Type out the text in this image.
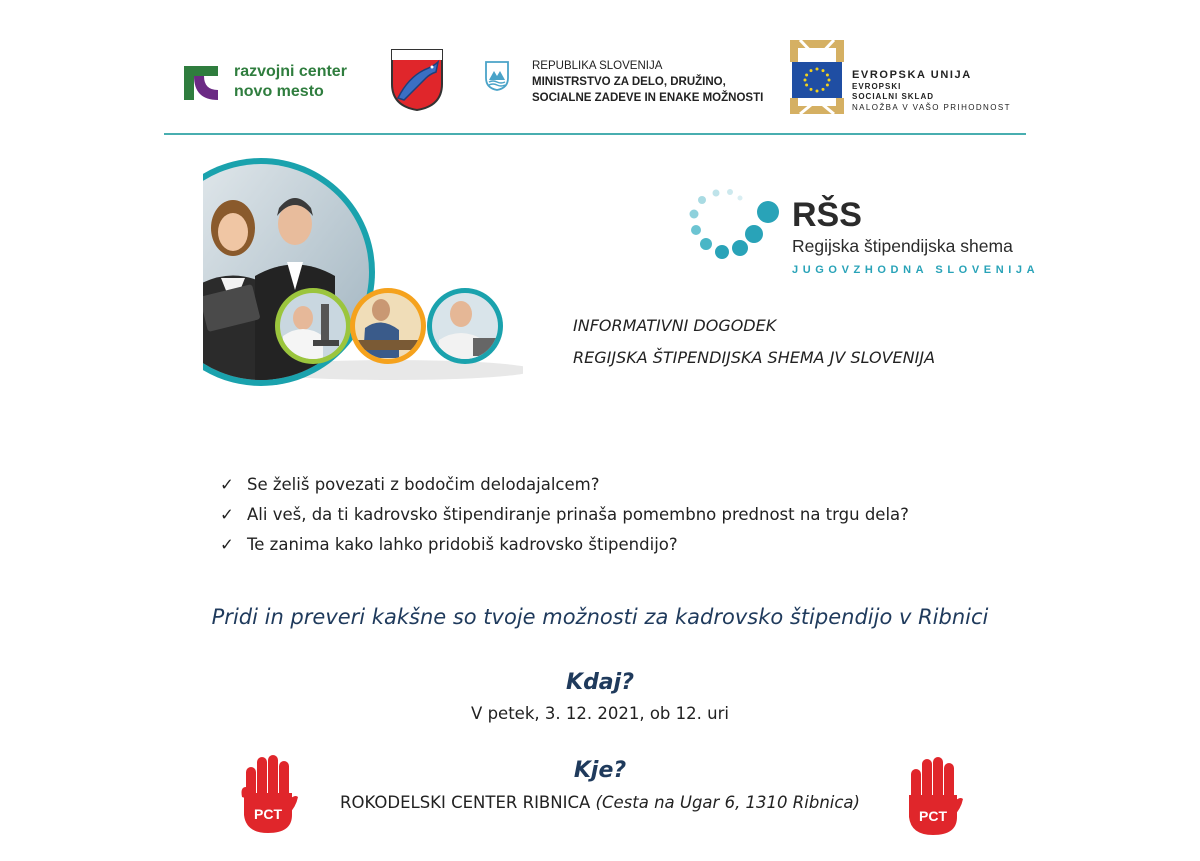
razvojni center
novo mesto
REPUBLIKA SLOVENIJA
MINISTRSTVO ZA DELO, DRUŽINO,
SOCIALNE ZADEVE IN ENAKE MOŽNOSTI
EVROPSKA UNIJA
EVROPSKI
SOCIALNI SKLAD
NALOŽBA V VAŠO PRIHODNOST
RŠS
Regijska štipendijska shema
JUGOVZHODNA SLOVENIJA
INFORMATIVNI DOGODEK
REGIJSKA ŠTIPENDIJSKA SHEMA JV SLOVENIJA
✓ Se želiš povezati z bodočim delodajalcem?
✓ Ali veš, da ti kadrovsko štipendiranje prinaša pomembno prednost na trgu dela?
✓ Te zanima kako lahko pridobiš kadrovsko štipendijo?
Pridi in preveri kakšne so tvoje možnosti za kadrovsko štipendijo v Ribnici
Kdaj?
V petek, 3. 12. 2021, ob 12. uri
Kje?
ROKODELSKI CENTER RIBNICA (Cesta na Ugar 6, 1310 Ribnica)
PCT	PCT
